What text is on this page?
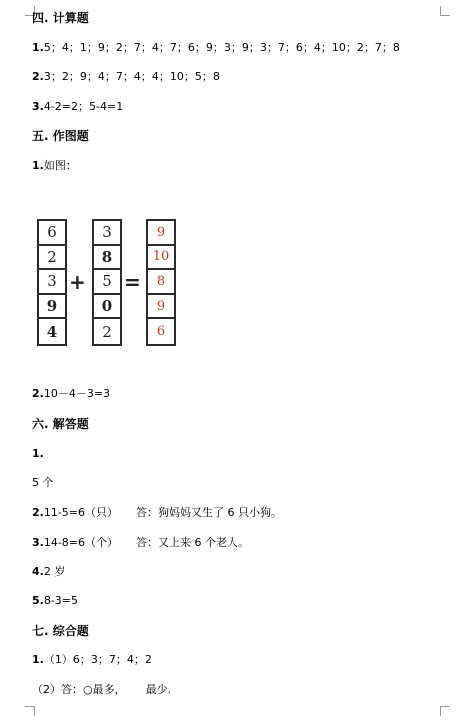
四. 计算题
1.5；4；1；9；2；7；4；7；6；9；3；9；3；7；6；4；10；2；7；8
2.3；2；9；4；7；4；4；10；5；8
3.4-2=2；5-4=1
五. 作图题
1.如图：
6
2
3
9
4
+
3
8
5
0
2
=
9
10
8
9
6
2.10－4－3=3
六. 解答题
1.
5 个
2.11-5=6（只） 答：狗妈妈又生了 6 只小狗。
3.14-8=6（个） 答：又上来 6 个老人。
4.2 岁
5.8-3=5
七. 综合题
1.（1）6；3；7；4；2
（2）答：○最多， 最少.
